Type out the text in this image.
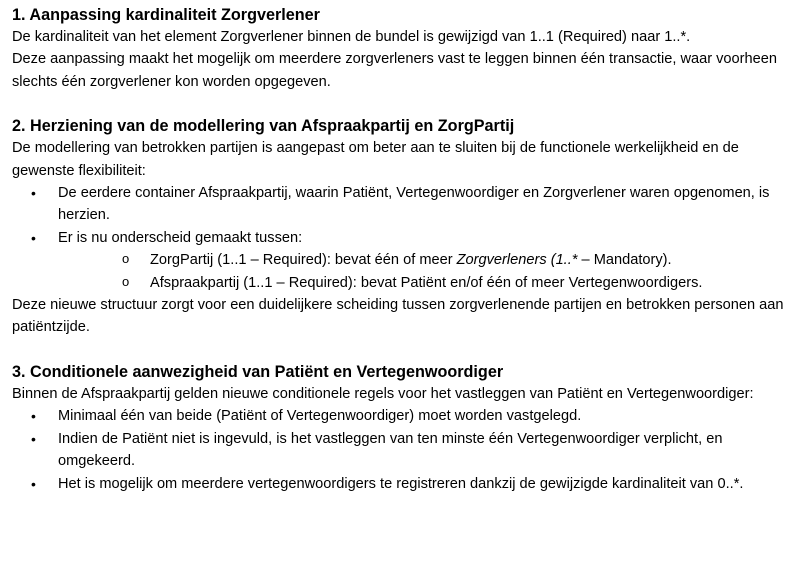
1. Aanpassing kardinaliteit Zorgverlener

De kardinaliteit van het element Zorgverlener binnen de bundel is gewijzigd van 1..1 (Required) naar 1..*.

Deze aanpassing maakt het mogelijk om meerdere zorgverleners vast te leggen binnen één transactie, waar voorheen slechts één zorgverlener kon worden opgegeven.

2. Herziening van de modellering van Afspraakpartij en ZorgPartij

De modellering van betrokken partijen is aangepast om beter aan te sluiten bij de functionele werkelijkheid en de gewenste flexibiliteit:

• De eerdere container Afspraakpartij, waarin Patiënt, Vertegenwoordiger en Zorgverlener waren opgenomen, is herzien.
• Er is nu onderscheid gemaakt tussen:
o ZorgPartij (1..1 – Required): bevat één of meer Zorgverleners (1..* – Mandatory).
o Afspraakpartij (1..1 – Required): bevat Patiënt en/of één of meer Vertegenwoordigers.

Deze nieuwe structuur zorgt voor een duidelijkere scheiding tussen zorgverlenende partijen en betrokken personen aan patiëntzijde.

3. Conditionele aanwezigheid van Patiënt en Vertegenwoordiger

Binnen de Afspraakpartij gelden nieuwe conditionele regels voor het vastleggen van Patiënt en Vertegenwoordiger:

• Minimaal één van beide (Patiënt of Vertegenwoordiger) moet worden vastgelegd.
• Indien de Patiënt niet is ingevuld, is het vastleggen van ten minste één Vertegenwoordiger verplicht, en omgekeerd.
• Het is mogelijk om meerdere vertegenwoordigers te registreren dankzij de gewijzigde kardinaliteit van 0..*.
